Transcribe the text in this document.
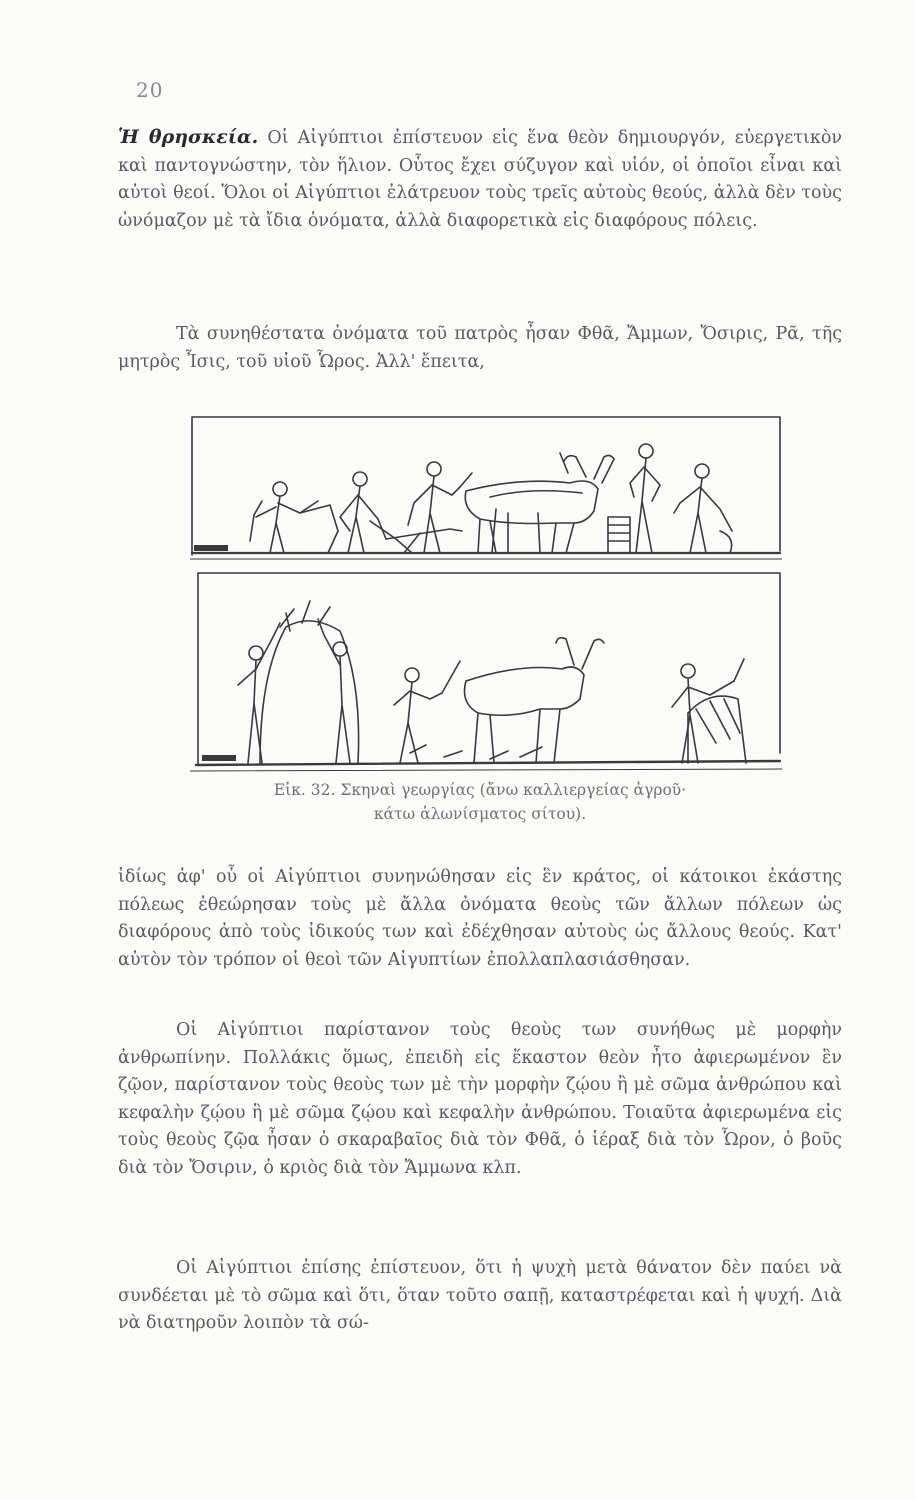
20

Ἡ θρησκεία. Οἱ Αἰγύπτιοι ἐπίστευον εἰς ἕνα θεὸν δημιουργόν, εὐεργετικὸν καὶ παντογνώστην, τὸν ἥλιον. Οὗτος ἔχει σύζυγον καὶ υἱόν, οἱ ὁποῖοι εἶναι καὶ αὐτοὶ θεοί. Ὅλοι οἱ Αἰγύπτιοι ἐλάτρευον τοὺς τρεῖς αὐτοὺς θεούς, ἀλλὰ δὲν τοὺς ὠνόμαζον μὲ τὰ ἴδια ὀνόματα, ἀλλὰ διαφορετικὰ εἰς διαφόρους πόλεις.

Τὰ συνηθέστατα ὀνόματα τοῦ πατρὸς ἦσαν Φθᾶ, Ἄμμων, Ὄσιρις, Ρᾶ, τῆς μητρὸς Ἶσις, τοῦ υἱοῦ Ὧρος. Ἀλλ' ἔπειτα,

Εἰκ. 32. Σκηναὶ γεωργίας (ἄνω καλλιεργείας ἀγροῦ·
κάτω ἀλωνίσματος σίτου).

ἰδίως ἀφ' οὗ οἱ Αἰγύπτιοι συνηνώθησαν εἰς ἓν κράτος, οἱ κάτοικοι ἑκάστης πόλεως ἐθεώρησαν τοὺς μὲ ἄλλα ὀνόματα θεοὺς τῶν ἄλλων πόλεων ὡς διαφόρους ἀπὸ τοὺς ἰδικούς των καὶ ἐδέχθησαν αὐτοὺς ὡς ἄλλους θεούς. Κατ' αὐτὸν τὸν τρόπον οἱ θεοὶ τῶν Αἰγυπτίων ἐπολλαπλασιάσθησαν.

Οἱ Αἰγύπτιοι παρίστανον τοὺς θεοὺς των συνήθως μὲ μορφὴν ἀνθρωπίνην. Πολλάκις ὅμως, ἐπειδὴ εἰς ἕκαστον θεὸν ἦτο ἀφιερωμένον ἓν ζῷον, παρίστανον τοὺς θεοὺς των μὲ τὴν μορφὴν ζῴου ἢ μὲ σῶμα ἀνθρώπου καὶ κεφαλὴν ζῴου ἢ μὲ σῶμα ζῴου καὶ κεφαλὴν ἀνθρώπου. Τοιαῦτα ἀφιερωμένα εἰς τοὺς θεοὺς ζῷα ἦσαν ὁ σκαραβαῖος διὰ τὸν Φθᾶ, ὁ ἱέραξ διὰ τὸν Ὧρον, ὁ βοῦς διὰ τὸν Ὄσιριν, ὁ κριὸς διὰ τὸν Ἄμμωνα κλπ.

Οἱ Αἰγύπτιοι ἐπίσης ἐπίστευον, ὅτι ἡ ψυχὴ μετὰ θάνατον δὲν παύει νὰ συνδέεται μὲ τὸ σῶμα καὶ ὅτι, ὅταν τοῦτο σαπῇ, καταστρέφεται καὶ ἡ ψυχή. Διὰ νὰ διατηροῦν λοιπὸν τὰ σώ-
